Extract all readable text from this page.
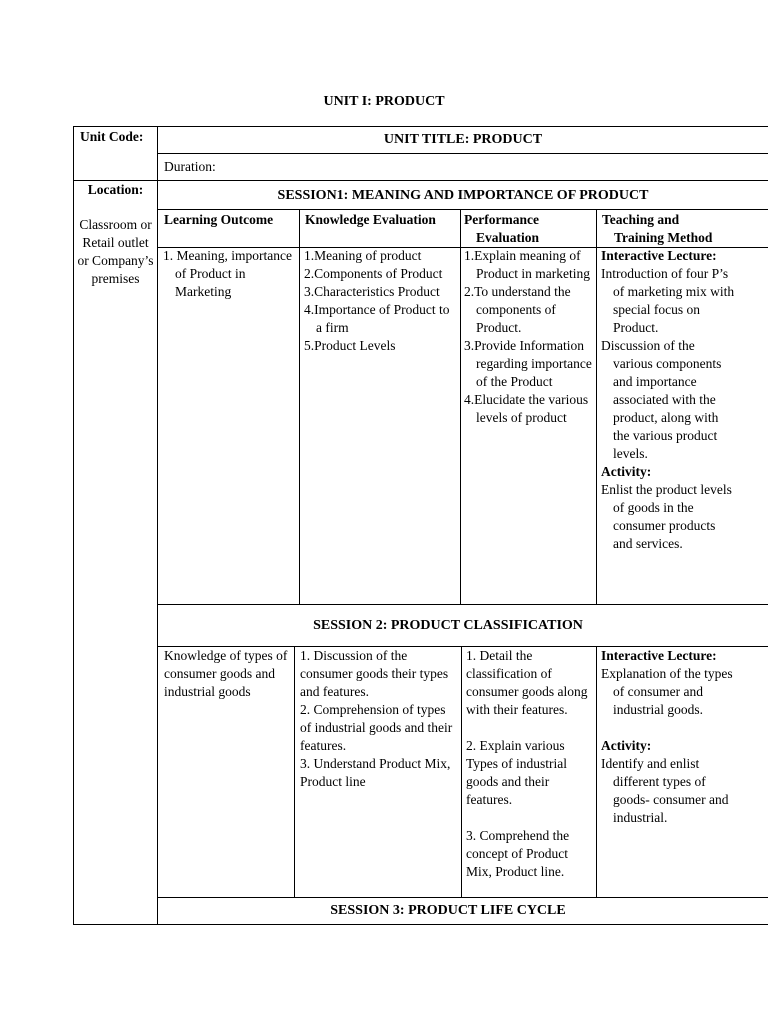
UNIT I: PRODUCT
Unit Code:
Location:
Classroom or Retail outlet or Company’s premises
UNIT TITLE: PRODUCT
Duration:
SESSION1: MEANING AND IMPORTANCE OF PRODUCT
Learning Outcome	Knowledge Evaluation	Performance Evaluation
Teaching and Training Method
1. Meaning, importance of Product in Marketing
1.Meaning of product
2.Components of Product
3.Characteristics Product
4.Importance of Product to a firm
5.Product Levels
1.Explain meaning of Product in marketing
2.To understand the components of Product.
3.Provide Information regarding importance of the Product
4.Elucidate the various levels of product
Interactive Lecture:
Introduction of four P’s of marketing mix with special focus on Product.
Discussion of the various components and importance associated with the product, along with the various product levels.
Activity:
Enlist the product levels of goods in the consumer products and services.
SESSION 2: PRODUCT CLASSIFICATION
Knowledge of types of consumer goods and industrial goods
1. Discussion of the consumer goods their types and features.
2. Comprehension of types of industrial goods and their features.
3. Understand Product Mix, Product line
1. Detail the classification of consumer goods along with their features.
2. Explain various Types of industrial goods and their features.
3. Comprehend the concept of Product Mix, Product line.
Interactive Lecture:
Explanation of the types of consumer and industrial goods.
Activity:
Identify and enlist different types of goods- consumer and industrial.
SESSION 3: PRODUCT LIFE CYCLE
